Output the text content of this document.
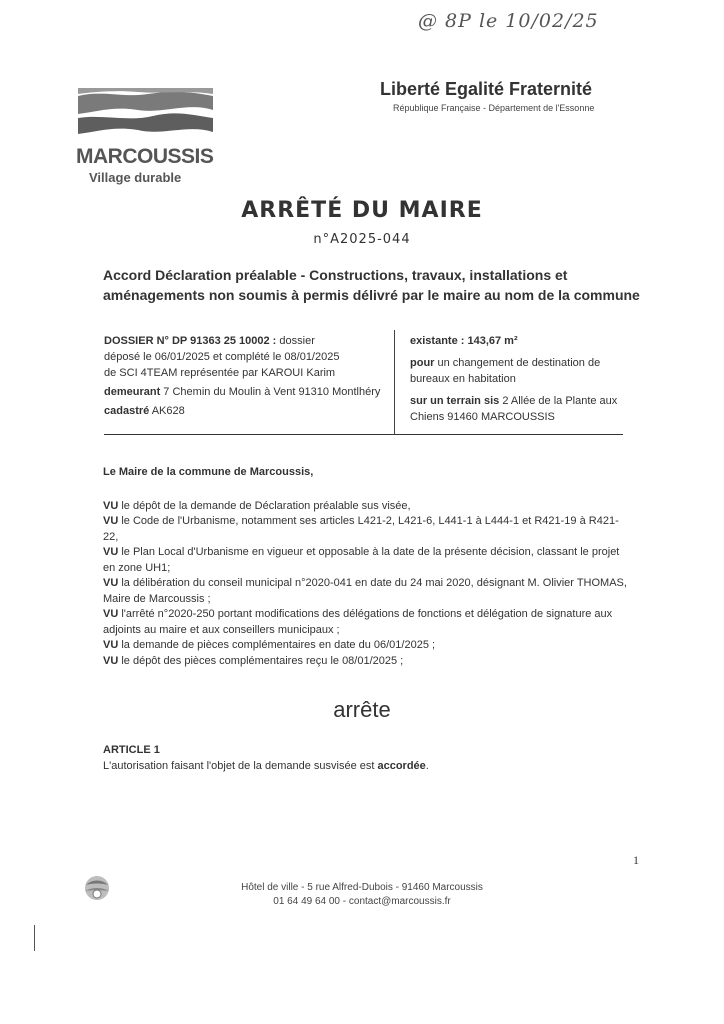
@ 8P le 10/02/25
Liberté Egalité Fraternité
République Française - Département de l'Essonne
MARCOUSSIS
Village durable
ARRÊTÉ DU MAIRE
n°A2025-044
Accord Déclaration préalable - Constructions, travaux, installations et
aménagements non soumis à permis délivré par le maire au nom de la commune

DOSSIER N° DP 91363 25 10002 : dossier

déposé le 06/01/2025 et complété le 08/01/2025

de SCI 4TEAM représentée par KAROUI Karim

demeurant 7 Chemin du Moulin à Vent 91310 Montlhéry

cadastré AK628

existante : 143,67 m²

pour un changement de destination de bureaux en habitation

sur un terrain sis 2 Allée de la Plante aux Chiens 91460 MARCOUSSIS

Le Maire de la commune de Marcoussis,

VU le dépôt de la demande de Déclaration préalable sus visée,

VU le Code de l'Urbanisme, notamment ses articles L421-2, L421-6, L441-1 à L444-1 et R421-19 à R421-22,

VU le Plan Local d'Urbanisme en vigueur et opposable à la date de la présente décision, classant le projet en zone UH1;

VU la délibération du conseil municipal n°2020-041 en date du 24 mai 2020, désignant M. Olivier THOMAS, Maire de Marcoussis ;

VU l'arrêté n°2020-250 portant modifications des délégations de fonctions et délégation de signature aux adjoints au maire et aux conseillers municipaux ;

VU la demande de pièces complémentaires en date du 06/01/2025 ;

VU le dépôt des pièces complémentaires reçu le 08/01/2025 ;

arrête
ARTICLE 1
L'autorisation faisant l'objet de la demande susvisée est accordée.
1
Hôtel de ville - 5 rue Alfred-Dubois - 91460 Marcoussis
01 64 49 64 00 - contact@marcoussis.fr
